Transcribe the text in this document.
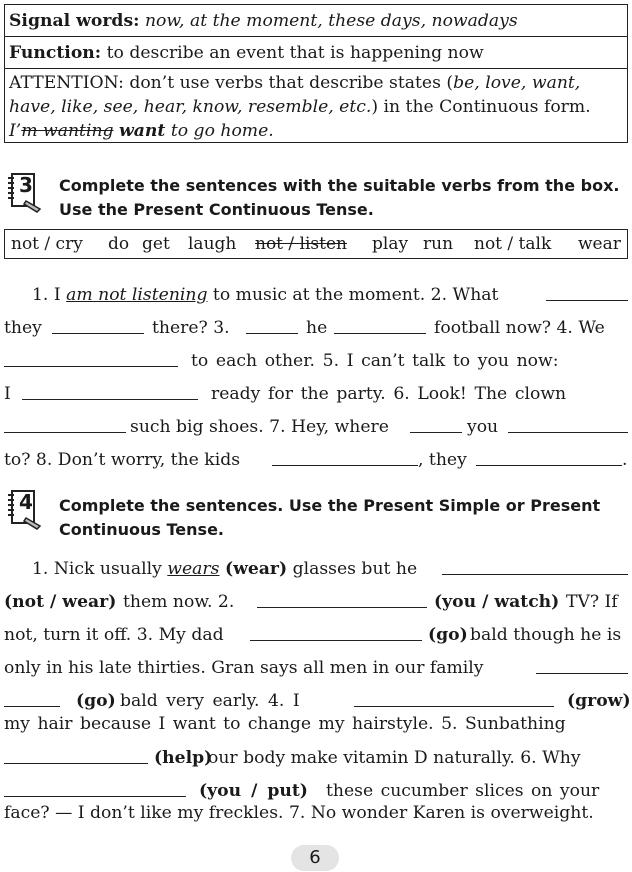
Signal words: now, at the moment, these days, nowadays
Function: to describe an event that is happening now
ATTENTION: don’t use verbs that describe states (be, love, want,
have, like, see, hear, know, resemble, etc.) in the Continuous form.
I’m wanting want to go home.
3 Complete the sentences with the suitable verbs from the box.
Use the Present Continuous Tense.
not / cry do get laugh not / listen play run not / talk wear
1. I am not listening to music at the moment. 2. What
they	there? 3.	he	football now? 4. We
to each other. 5. I can’t talk to you now:
I	ready for the party. 6. Look! The clown
such big shoes. 7. Hey, where	you
to? 8. Don’t worry, the kids	, they	.
4 Complete the sentences. Use the Present Simple or Present
Continuous Tense.
1. Nick usually wears (wear) glasses but he
(not / wear) them now. 2.	(you / watch) TV? If
not, turn it off. 3. My dad	(go) bald though he is
only in his late thirties. Gran says all men in our family
(go) bald very early. 4. I	(grow)
my hair because I want to change my hairstyle. 5. Sunbathing
(help)
our body make vitamin D naturally. 6. Why
(you / put) these cucumber slices on your
face? — I don’t like my freckles. 7. No wonder Karen is overweight.
6
